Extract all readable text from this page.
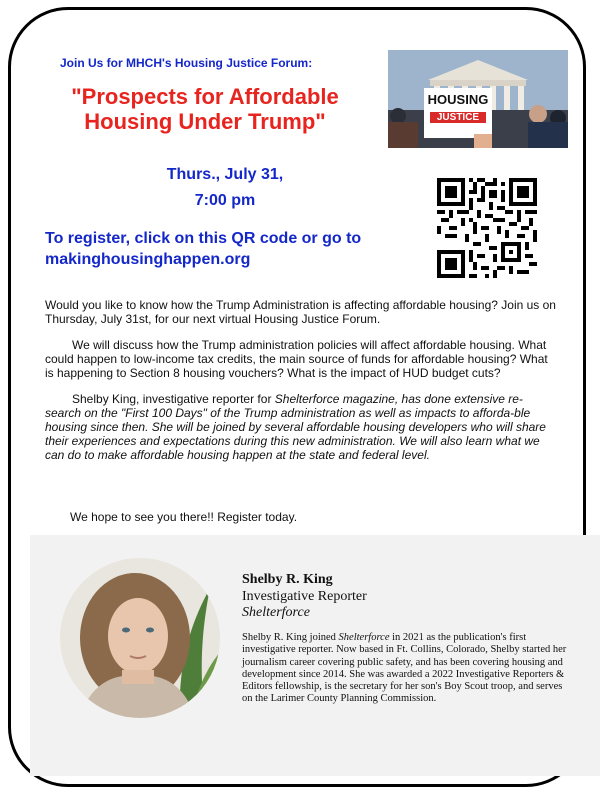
Join Us for MHCH's Housing Justice Forum:
"Prospects for Affordable Housing Under Trump"
Thurs., July 31,
7:00 pm
To register, click on this QR code or go to
makinghousinghappen.org
HOUSING
JUSTICE

Would you like to know how the Trump Administration is affecting affordable housing? Join us on Thursday, July 31st, for our next virtual Housing Justice Forum.

We will discuss how the Trump administration policies will affect affordable housing. What could happen to low-income tax credits, the main source of funds for affordable housing? What is happening to Section 8 housing vouchers? What is the impact of HUD budget cuts?

Shelby King, investigative reporter for Shelterforce magazine, has done extensive re-search on the "First 100 Days" of the Trump administration as well as impacts to afforda-ble housing since then. She will be joined by several affordable housing developers who will share their experiences and expectations during this new administration. We will also learn what we can do to make affordable housing happen at the state and federal level.

We hope to see you there!! Register today.
Shelby R. King
Investigative Reporter
Shelterforce
Shelby R. King joined Shelterforce in 2021 as the publication's first investigative reporter. Now based in Ft. Collins, Colorado, Shelby started her journalism career covering public safety, and has been covering housing and development since 2014. She was awarded a 2022 Investigative Reporters & Editors fellowship, is the secretary for her son's Boy Scout troop, and serves on the Larimer County Planning Commission.
